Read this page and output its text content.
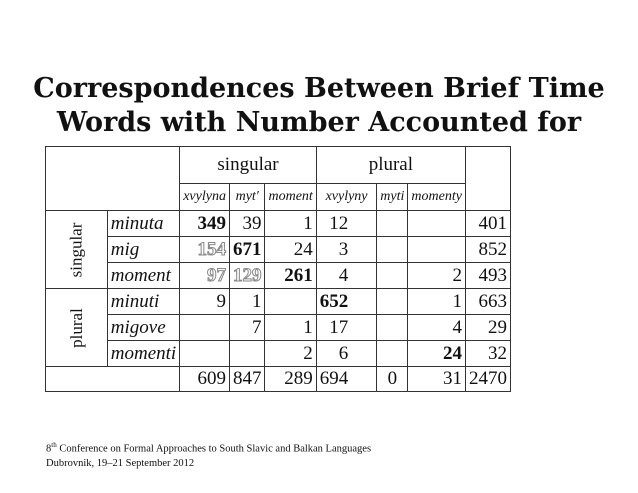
Correspondences Between Brief Time
Words with Number Accounted for
		singular			plural			
		xvylyna	myt′	moment	xvylyny	myti	momenty	
singular	minuta	349	39	1	12			401
	mig	154	671	24	3			852
	moment	97	129	261	4		2	493
plural	minuti	9	1		652		1	663
	migove		7	1	17		4	29
	momenti			2	6		24	32
		609	847	289	694	0	31	2470
8th Conference on Formal Approaches to South Slavic and Balkan Languages
Dubrovnik, 19–21 September 2012
